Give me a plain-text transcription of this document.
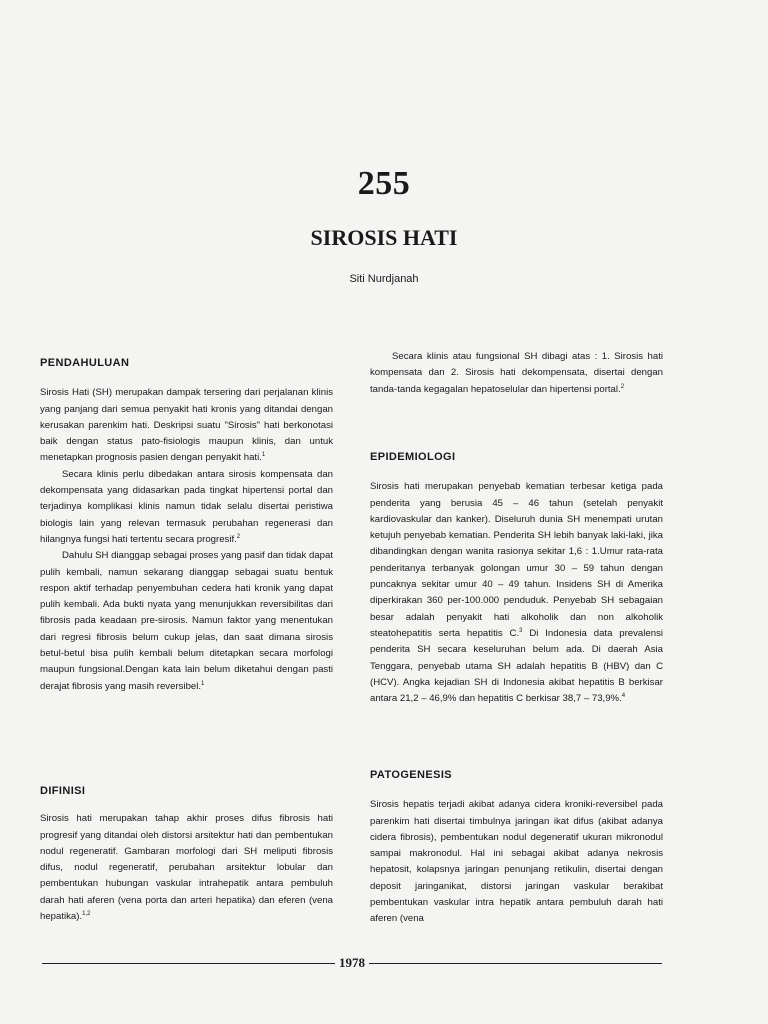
255
SIROSIS HATI
Siti Nurdjanah

PENDAHULUAN

Sirosis Hati (SH) merupakan dampak tersering dari perjalanan klinis yang panjang dari semua penyakit hati kronis yang ditandai dengan kerusakan parenkim hati. Deskripsi suatu "Sirosis" hati berkonotasi baik dengan status pato-fisiologis maupun klinis, dan untuk menetapkan prognosis pasien dengan penyakit hati.$^1$

Secara klinis perlu dibedakan antara sirosis kompensata dan dekompensata yang didasarkan pada tingkat hipertensi portal dan terjadinya komplikasi klinis namun tidak selalu disertai peristiwa biologis lain yang relevan termasuk perubahan regenerasi dan hilangnya fungsi hati tertentu secara progresif.$^2$

Dahulu SH dianggap sebagai proses yang pasif dan tidak dapat pulih kembali, namun sekarang dianggap sebagai suatu bentuk respon aktif terhadap penyembuhan cedera hati kronik yang dapat pulih kembali. Ada bukti nyata yang menunjukkan reversibilitas dari fibrosis pada keadaan pre-sirosis. Namun faktor yang menentukan dari regresi fibrosis belum cukup jelas, dan saat dimana sirosis betul-betul bisa pulih kembali belum ditetapkan secara morfologi maupun fungsional.Dengan kata lain belum diketahui dengan pasti derajat fibrosis yang masih reversibel.$^1$

DIFINISI

Sirosis hati merupakan tahap akhir proses difus fibrosis hati progresif yang ditandai oleh distorsi arsitektur hati dan pembentukan nodul regeneratif. Gambaran morfologi dari SH meliputi fibrosis difus, nodul regeneratif, perubahan arsitektur lobular dan pembentukan hubungan vaskular intrahepatik antara pembuluh darah hati aferen (vena porta dan arteri hepatika) dan eferen (vena hepatika).$^{1,2}$

Secara klinis atau fungsional SH dibagi atas : 1. Sirosis hati kompensata dan 2. Sirosis hati dekompensata, disertai dengan tanda-tanda kegagalan hepatoselular dan hipertensi portal.$^2$

EPIDEMIOLOGI

Sirosis hati merupakan penyebab kematian terbesar ketiga pada penderita yang berusia 45 – 46 tahun (setelah penyakit kardiovaskular dan kanker). Diseluruh dunia SH menempati urutan ketujuh penyebab kematian. Penderita SH lebih banyak laki-laki, jika dibandingkan dengan wanita rasionya sekitar 1,6 : 1.Umur rata-rata penderitanya terbanyak golongan umur 30 – 59 tahun dengan puncaknya sekitar umur 40 – 49 tahun. Insidens SH di Amerika diperkirakan 360 per-100.000 penduduk. Penyebab SH sebagaian besar adalah penyakit hati alkoholik dan non alkoholik steatohepatitis serta hepatitis C.$^3$ Di Indonesia data prevalensi penderita SH secara keseluruhan belum ada. Di daerah Asia Tenggara, penyebab utama SH adalah hepatitis B (HBV) dan C (HCV). Angka kejadian SH di Indonesia akibat hepatitis B berkisar antara 21,2 – 46,9% dan hepatitis C berkisar 38,7 – 73,9%.$^4$

PATOGENESIS

Sirosis hepatis terjadi akibat adanya cidera kroniki-reversibel pada parenkim hati disertai timbulnya jaringan ikat difus (akibat adanya cidera fibrosis), pembentukan nodul degeneratif ukuran mikronodul sampai makronodul. Hal ini sebagai akibat adanya nekrosis hepatosit, kolapsnya jaringan penunjang retikulin, disertai dengan deposit jaringanikat, distorsi jaringan vaskular berakibat pembentukan vaskular intra hepatik antara pembuluh darah hati aferen (vena

1978
